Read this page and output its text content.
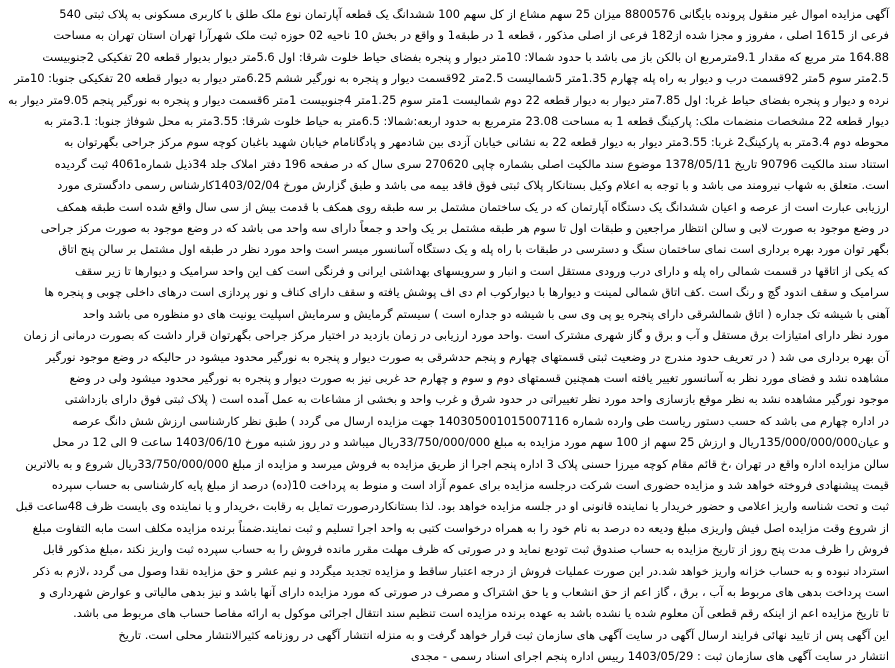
آگهی مزایده اموال غیر منقول پرونده بایگانی 8800576 میزان 25 سهم مشاع از کل سهم 100 ششدانگ یک قطعه آپارتمان نوع ملک طلق با کاربری مسکونی به پلاک ثبتی 540
فرعی از 1615 اصلی ، مفروز و مجزا شده از182 فرعی از اصلی مذکور ، قطعه 1 در طبقه1 و واقع در بخش 10 ناحیه 02 حوزه ثبت ملک شهرآرا تهران استان تهران به مساحت
164.88 متر مربع که مقدار 9.1مترمربع ان بالکن باز می باشد با حدود شمالا: 10متر دیوار و پنجره بفضای حیاط خلوت شرقا: اول 5.6متر دیوار بدیوار قطعه 20 تفکیکی 2جنوبیست
2.5متر سوم 5متر 92قسمت درب و دیوار به راه پله چهارم 1.35متر 5شمالیست 2.5متر 92قسمت دیوار و پنجره به نورگیر ششم 6.25متر دیوار به دیوار قطعه 20 تفکیکی جنوبا: 10متر
نرده و دیوار و پنجره بفضای حیاط غربا: اول 7.85متر دیوار به دیوار قطعه 22 دوم شمالیست 1متر سوم 1.25متر 4جنوبیست 1متر 6قسمت دیوار و پنجره به نورگیر پنجم 9.05متر دیوار به
دیوار قطعه 22 مشخصات منضمات ملک: پارکینگ قطعه 1 به مساحت 23.08 مترمربع به حدود اربعه:شمالا: 6.5متر به حیاط خلوت شرقا: 3.55متر به محل شوفاژ جنوبا: 3.1متر به
محوطه دوم 3.4متر به پارکینگ2 غربا: 3.55متر دیوار به دیوار قطعه 22 به نشانی خیابان آزدی بین شادمهر و پادگانامام خیابان شهید باغبان کوچه سوم مرکز جراحی بگهرتوان به
استناد سند مالکیت 90796 تاریخ 1378/05/11 موضوع سند مالکیت اصلی بشماره چاپی 270620 سری سال که در صفحه 196 دفتر املاک جلد 34ذیل شماره4061 ثبت گردیده
است. متعلق به شهاب نیرومند می باشد و با توجه به اعلام وکیل بستانکار پلاک ثبتی فوق فاقد بیمه می باشد و طبق گزارش مورخ 1403/02/04کارشناس رسمی دادگستری مورد
ارزیابی عبارت است از عرصه و اعیان ششدانگ یک دستگاه آپارتمان که در یک ساختمان مشتمل بر سه طبقه روی همکف با قدمت بیش از سی سال واقع شده است طبقه همکف
در وضع موجود به صورت لابی و سالن انتظار مراجعین و طبقات اول تا سوم هر طبقه مشتمل بر یک واحد و جمعاً دارای سه واحد می باشد که در وضع موجود به صورت مرکز جراحی
بگهر توان مورد بهره برداری است نمای ساختمان سنگ و دسترسی در طبقات با راه پله و یک دستگاه آسانسور میسر است واحد مورد نظر در طبقه اول مشتمل بر سالن پنج اتاق
که یکی از اتاقها در قسمت شمالی راه پله و دارای درب ورودی مستقل است و انبار و سرویسهای بهداشتی ایرانی و فرنگی است کف این واحد سرامیک و دیوارها تا زیر سقف
سرامیک و سقف اندود گچ و رنگ است .کف اتاق شمالی لمینت و دیوارها با دیوارکوب ام دی اف پوشش یافته و سقف دارای کناف و نور پردازی است درهای داخلی چوبی و پنجره ها
آهنی با شیشه تک جداره ( اتاق شمالشرقی دارای پنجره یو پی وی سی با شیشه دو جداره است ) سیستم گرمایش و سرمایش اسپلیت یونیت های دو منظوره می باشد واحد
مورد نظر دارای امتیازات برق مستقل و آب و برق و گاز شهری مشترک است .واحد مورد ارزیابی در زمان بازدید در اختیار مرکز جراحی بگهرتوان قرار داشت که بصورت درمانی از زمان
آن بهره برداری می شد ( در تعریف حدود مندرج در وضعیت ثبتی قسمتهای چهارم و پنجم حدشرقی به صورت دیوار و پنجره به نورگیر محدود میشود در حالیکه در وضع موجود نورگیر
مشاهده نشد و فضای مورد نظر به آسانسور تغییر یافته است همچنین قسمتهای دوم و سوم و چهارم حد غربی نیز به صورت دیوار و پنجره به نورگیر محدود میشود ولی در وضع
موجود نورگیر مشاهده نشد به نظر موقع بازسازی واحد مورد نظر تغییراتی در حدود شرق و غرب واحد و بخشی از مشاعات به عمل آمده است ( پلاک ثبتی فوق دارای بازداشتی
در اداره چهارم می باشد که حسب دستور ریاست طی وارده شماره 140305001015007116 جهت مزایده ارسال می گردد ) طبق نظر کارشناسی ارزش شش دانگ عرصه
و عیان135/000/000/000ریال و ارزش 25 سهم از 100 سهم مورد مزایده به مبلغ 33/750/000/000ریال میباشد و در روز شنبه مورخ 1403/06/10 ساعت 9 الی 12 در محل
سالن مزایده اداره واقع در تهران ،خ قائم مقام کوچه میرزا حسنی پلاک 3 اداره پنجم اجرا از طریق مزایده به فروش میرسد و مزایده از مبلغ 33/750/000/000ریال شروع و به بالاترین
قیمت پیشنهادی فروخته خواهد شد و مزایده حضوری است شرکت درجلسه مزایده برای عموم آزاد است و منوط به پرداخت 10(ده) درصد از مبلغ پایه کارشناسی به حساب سپرده
ثبت و تحت شناسه واریز اعلامی و حضور خریدار یا نماینده قانونی او در جلسه مزایده خواهد بود. لذا بستانکاردرصورت تمایل به رقابت ،خریدار و یا نماینده وی بایست ظرف 48ساعت قبل
از شروع وقت مزایده اصل فیش واریزی مبلغ ودیعه ده درصد به نام خود را به همراه درخواست کتبی به واحد اجرا تسلیم و ثبت نمایند.ضمناً برنده مزایده مکلف است مابه التفاوت مبلغ
فروش را ظرف مدت پنج روز از تاریخ مزایده به حساب صندوق ثبت تودیع نماید و در صورتی که ظرف مهلت مقرر مانده فروش را به حساب سپرده ثبت واریز نکند ،مبلغ مذکور قابل
استرداد نبوده و به حساب خزانه واریز خواهد شد.در این صورت عملیات فروش از درجه اعتبار ساقط و مزایده تجدید میگردد و نیم عشر و حق مزایده نقدا وصول می گردد ،لازم به ذکر
است پرداخت بدهی های مربوط به آب ، برق ، گاز اعم از حق انشعاب و یا حق اشتراک و مصرف در صورتی که مورد مزایده دارای آنها باشد و نیز بدهی مالیاتی و عوارض شهرداری و
تا تاریخ مزایده اعم از اینکه رقم قطعی آن معلوم شده یا نشده باشد به عهده برنده مزایده است تنظیم سند انتقال اجرائی موکول به ارائه مفاصا حساب های مربوط می باشد.
این آگهی پس از تایید نهائی فرایند ارسال آگهی در سایت آگهی های سازمان ثبت قرار خواهد گرفت و به منزله انتشار آگهی در روزنامه کثیرالانتشار محلی است. تاریخ
انتشار در سایت آگهی های سازمان ثبت : 1403/05/29 رییس اداره پنجم اجرای اسناد رسمی - مجدی
